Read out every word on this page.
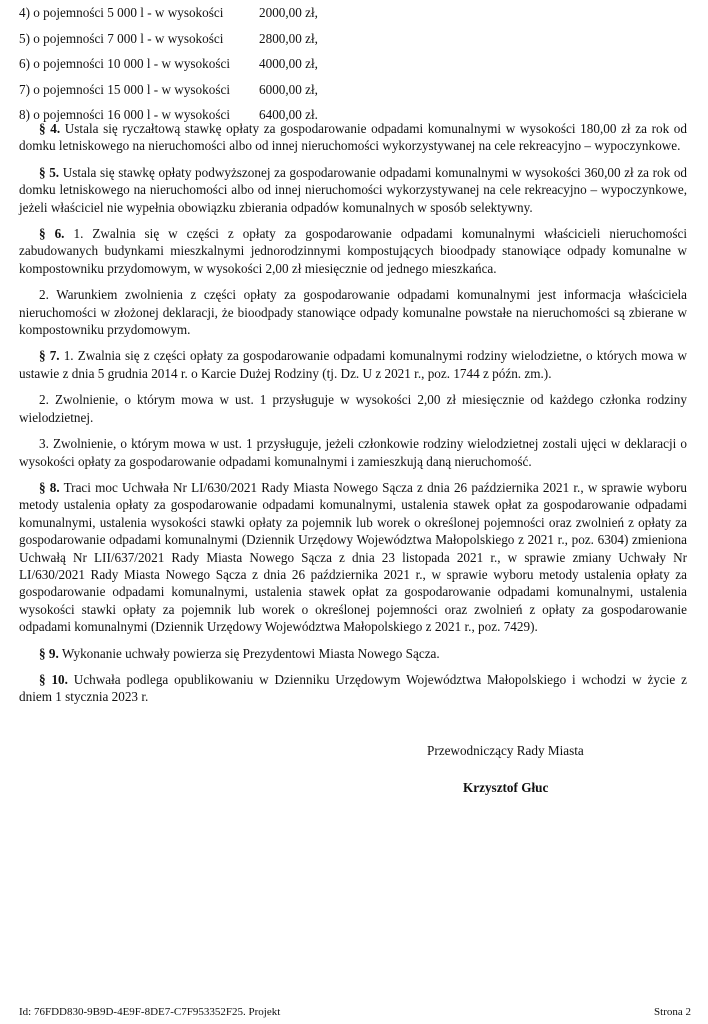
4) o pojemności 5 000 l - w wysokości	2000,00 zł,
5) o pojemności 7 000 l - w wysokości	2800,00 zł,
6) o pojemności 10 000 l - w wysokości 4000,00 zł,
7) o pojemności 15 000 l - w wysokości 6000,00 zł,
8) o pojemności 16 000 l - w wysokości 6400,00 zł.

§ 4. Ustala się ryczałtową stawkę opłaty za gospodarowanie odpadami komunalnymi w wysokości 180,00 zł za rok od domku letniskowego na nieruchomości albo od innej nieruchomości wykorzystywanej na cele rekreacyjno – wypoczynkowe.

§ 5. Ustala się stawkę opłaty podwyższonej za gospodarowanie odpadami komunalnymi w wysokości 360,00 zł za rok od domku letniskowego na nieruchomości albo od innej nieruchomości wykorzystywanej na cele rekreacyjno – wypoczynkowe, jeżeli właściciel nie wypełnia obowiązku zbierania odpadów komunalnych w sposób selektywny.

§ 6. 1. Zwalnia się w części z opłaty za gospodarowanie odpadami komunalnymi właścicieli nieruchomości zabudowanych budynkami mieszkalnymi jednorodzinnymi kompostujących bioodpady stanowiące odpady komunalne w kompostowniku przydomowym, w wysokości 2,00 zł miesięcznie od jednego mieszkańca.

2. Warunkiem zwolnienia z części opłaty za gospodarowanie odpadami komunalnymi jest informacja właściciela nieruchomości w złożonej deklaracji, że bioodpady stanowiące odpady komunalne powstałe na nieruchomości są zbierane w kompostowniku przydomowym.

§ 7. 1. Zwalnia się z części opłaty za gospodarowanie odpadami komunalnymi rodziny wielodzietne, o których mowa w ustawie z dnia 5 grudnia 2014 r. o Karcie Dużej Rodziny (tj. Dz. U z 2021 r., poz. 1744 z późn. zm.).

2. Zwolnienie, o którym mowa w ust. 1 przysługuje w wysokości 2,00 zł miesięcznie od każdego członka rodziny wielodzietnej.

3. Zwolnienie, o którym mowa w ust. 1 przysługuje, jeżeli członkowie rodziny wielodzietnej zostali ujęci w deklaracji o wysokości opłaty za gospodarowanie odpadami komunalnymi i zamieszkują daną nieruchomość.

§ 8. Traci moc Uchwała Nr LI/630/2021 Rady Miasta Nowego Sącza z dnia 26 października 2021 r., w sprawie wyboru metody ustalenia opłaty za gospodarowanie odpadami komunalnymi, ustalenia stawek opłat za gospodarowanie odpadami komunalnymi, ustalenia wysokości stawki opłaty za pojemnik lub worek o określonej pojemności oraz zwolnień z opłaty za gospodarowanie odpadami komunalnymi (Dziennik Urzędowy Województwa Małopolskiego z 2021 r., poz. 6304) zmieniona Uchwałą Nr LII/637/2021 Rady Miasta Nowego Sącza z dnia 23 listopada 2021 r., w sprawie zmiany Uchwały Nr LI/630/2021 Rady Miasta Nowego Sącza z dnia 26 października 2021 r., w sprawie wyboru metody ustalenia opłaty za gospodarowanie odpadami komunalnymi, ustalenia stawek opłat za gospodarowanie odpadami komunalnymi, ustalenia wysokości stawki opłaty za pojemnik lub worek o określonej pojemności oraz zwolnień z opłaty za gospodarowanie odpadami komunalnymi (Dziennik Urzędowy Województwa Małopolskiego z 2021 r., poz. 7429).

§ 9. Wykonanie uchwały powierza się Prezydentowi Miasta Nowego Sącza.

§ 10. Uchwała podlega opublikowaniu w Dzienniku Urzędowym Województwa Małopolskiego i wchodzi w życie z dniem 1 stycznia 2023 r.

Przewodniczący Rady Miasta
Krzysztof Głuc
Id: 76FDD830-9B9D-4E9F-8DE7-C7F953352F25. Projekt	Strona 2
